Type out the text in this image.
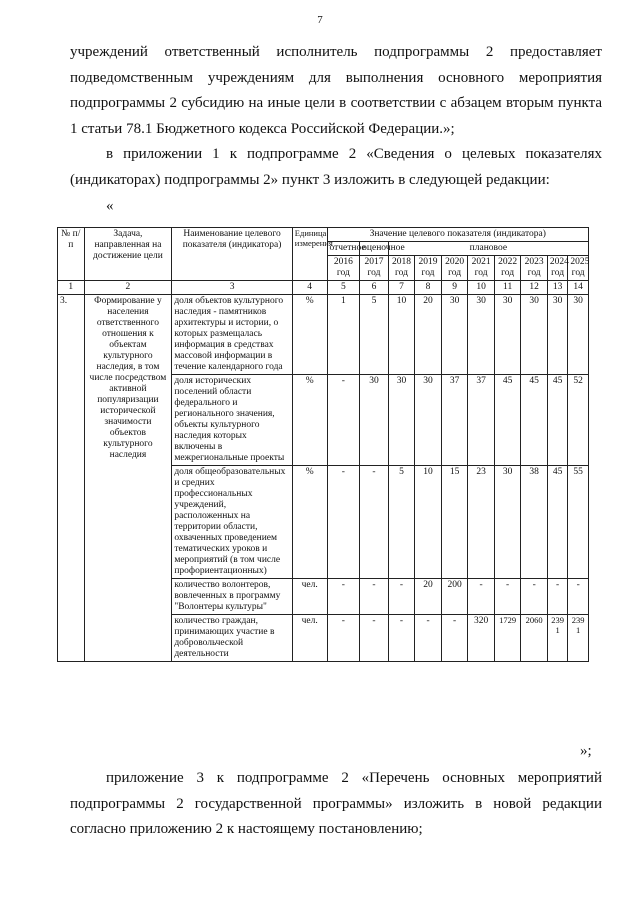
7

учреждений ответственный исполнитель подпрограммы 2 предоставляет подведомственным учреждениям для выполнения основного мероприятия подпрограммы 2 субсидию на иные цели в соответствии с абзацем вторым пункта 1 статьи 78.1 Бюджетного кодекса Российской Федерации.»;

в приложении 1 к подпрограмме 2 «Сведения о целевых показателях (индикаторах) подпрограммы 2» пункт 3 изложить в следующей редакции:

«
№ п/п	Задача, направленная на достижение цели	Наименование целевого показателя (индикатора)	Единица измерения	Значение целевого показателя (индикатора)									
				отчетное	оценочное	плановое							
				2016 год	2017 год	2018 год	2019 год	2020 год	2021 год	2022 год	2023 год	2024 год	2025 год
1	2	3	4	5	6	7	8	9	10	11	12	13	14
3.	Формирование у населения ответственного отношения к объектам культурного наследия, в том числе посредством активной популяризации исторической значимости объектов культурного наследия	доля объектов культурного наследия - памятников архитектуры и истории, о которых размещалась информация в средствах массовой информации в течение календарного года	%	1	5	10	20	30	30	30	30	30	30
		доля исторических поселений области федерального и регионального значения, объекты культурного наследия которых включены в межрегиональные проекты	%	-	30	30	30	37	37	45	45	45	52
		доля общеобразовательных и средних профессиональных учреждений, расположенных на территории области, охваченных проведением тематических уроков и мероприятий (в том числе профориентационных)	%	-	-	5	10	15	23	30	38	45	55
		количество волонтеров, вовлеченных в программу "Волонтеры культуры"	чел.	-	-	-	20	200	-	-	-	-	-
		количество граждан, принимающих участие в добровольческой деятельности	чел.	-	-	-	-	-	320	1729	2060	2391	2391
»;

приложение 3 к подпрограмме 2 «Перечень основных мероприятий подпрограммы 2 государственной программы» изложить в новой редакции согласно приложению 2 к настоящему постановлению;
